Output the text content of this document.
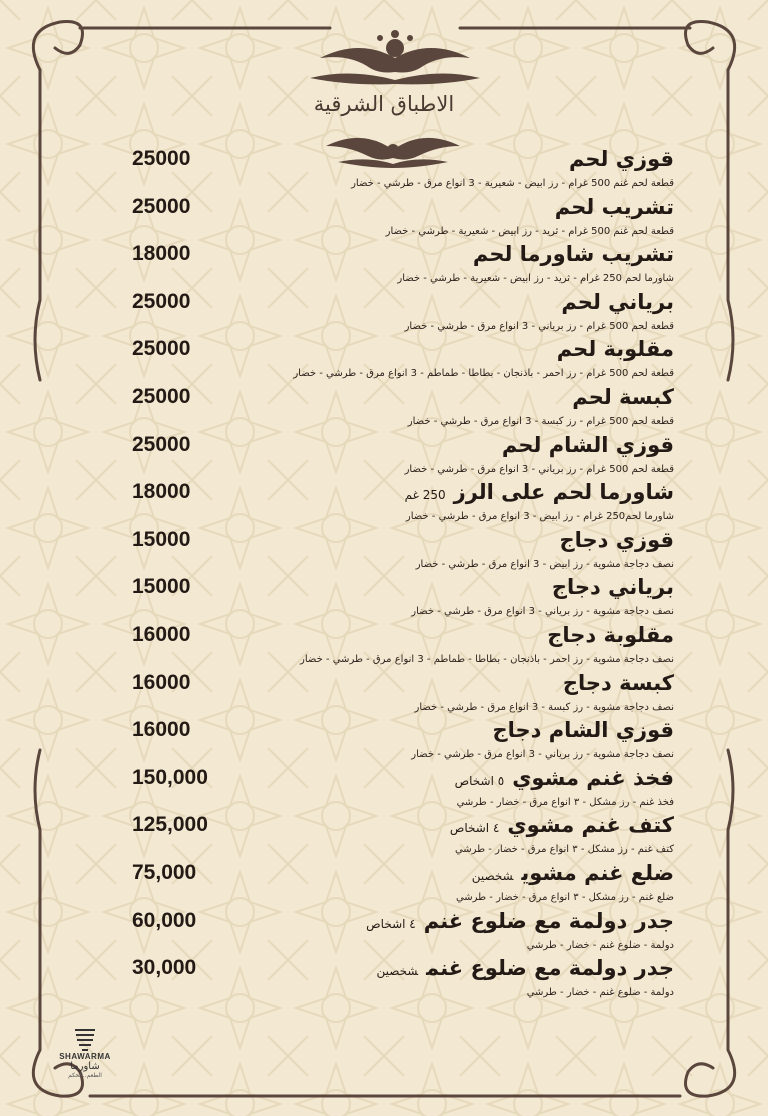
الاطباق الشرقية
قوزي لحم
25000
قطعة لحم غنم 500 غرام - رز ابيض - شعيرية - 3 انواع مرق - طرشي - خضار
تشريب لحم
25000
قطعة لحم غنم 500 غرام - ثريد - رز ابيض - شعيرية - طرشي - خضار
تشريب شاورما لحم
18000
شاورما لحم 250 غرام - ثريد - رز ابيض - شعيرية - طرشي - خضار
برياني لحم
25000
قطعة لحم 500 غرام - رز برياني - 3 انواع مرق - طرشي - خضار
مقلوبة لحم
25000
قطعة لحم 500 غرام - رز احمر - باذنجان - بطاطا - طماطم - 3 انواع مرق - طرشي - خضار
كبسة لحم
25000
قطعة لحم 500 غرام - رز كبسة - 3 انواع مرق - طرشي - خضار
قوزي الشام لحم
25000
قطعة لحم 500 غرام - رز برياني - 3 انواع مرق - طرشي - خضار
شاورما لحم على الرز250 غم
18000
شاورما لحم250 غرام - رز ابيض - 3 انواع مرق - طرشي - خضار
قوزي دجاج
15000
نصف دجاجة مشوية - رز ابيض - 3 انواع مرق - طرشي - خضار
برياني دجاج
15000
نصف دجاجة مشوية - رز برياني - 3 انواع مرق - طرشي - خضار
مقلوبة دجاج
16000
نصف دجاجة مشوية - رز احمر - باذنجان - بطاطا - طماطم - 3 انواع مرق - طرشي - خضار
كبسة دجاج
16000
نصف دجاجة مشوية - رز كبسة - 3 انواع مرق - طرشي - خضار
قوزي الشام دجاج
16000
نصف دجاجة مشوية - رز برياني - 3 انواع مرق - طرشي - خضار
فخذ غنم مشوي٥ اشخاص
150,000
فخذ غنم - رز مشكل - ٣ انواع مرق - خضار - طرشي
كتف غنم مشوي٤ اشخاص
125,000
كتف غنم - رز مشكل - ٣ انواع مرق - خضار - طرشي
ضلع غنم مشويشخصين
75,000
ضلع غنم - رز مشكل - ٣ انواع مرق - خضار - طرشي
جدر دولمة مع ضلوع غنم٤ اشخاص
60,000
دولمة - ضلوع غنم - خضار - طرشي
جدر دولمة مع ضلوع غنمشخصين
30,000
دولمة - ضلوع غنم - خضار - طرشي
SHAWARMA
شاورما
الطعم..الحكم
